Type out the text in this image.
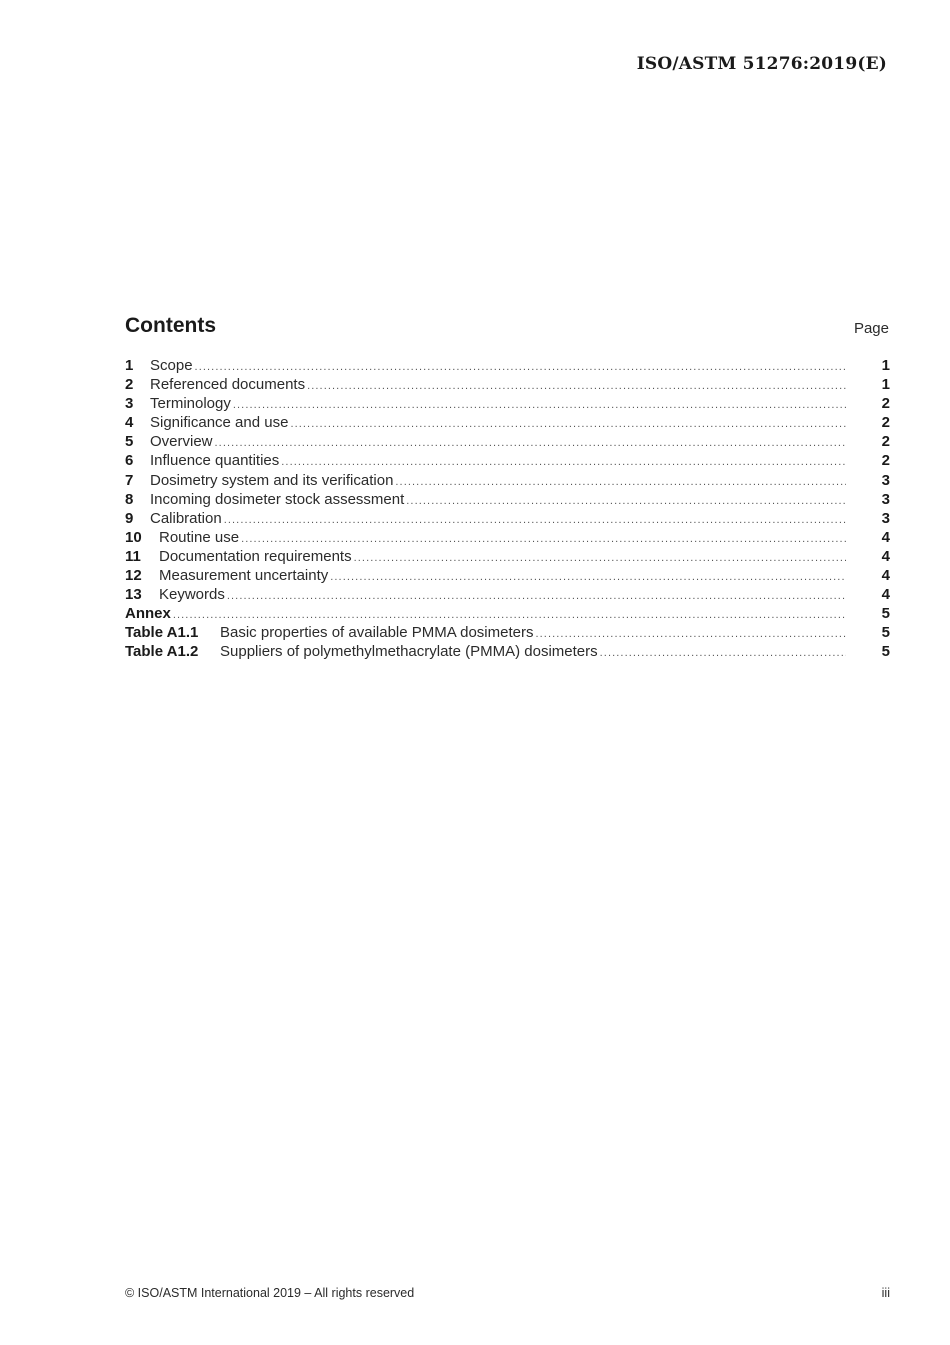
ISO/ASTM 51276:2019(E)
Contents	Page
1	Scope .....	1
2	Referenced documents .....	1
3	Terminology .....	2
4	Significance and use .....	2
5	Overview .....	2
6	Influence quantities .....	2
7	Dosimetry system and its verification .....	3
8	Incoming dosimeter stock assessment .....	3
9	Calibration .....	3
10	Routine use .....	4
11	Documentation requirements .....	4
12	Measurement uncertainty .....	4
13	Keywords .....	4
Annex .....	5
Table A1.1	Basic properties of available PMMA dosimeters .....	5
Table A1.2	Suppliers of polymethylmethacrylate (PMMA) dosimeters .....	5
© ISO/ASTM International 2019 – All rights reserved	iii
